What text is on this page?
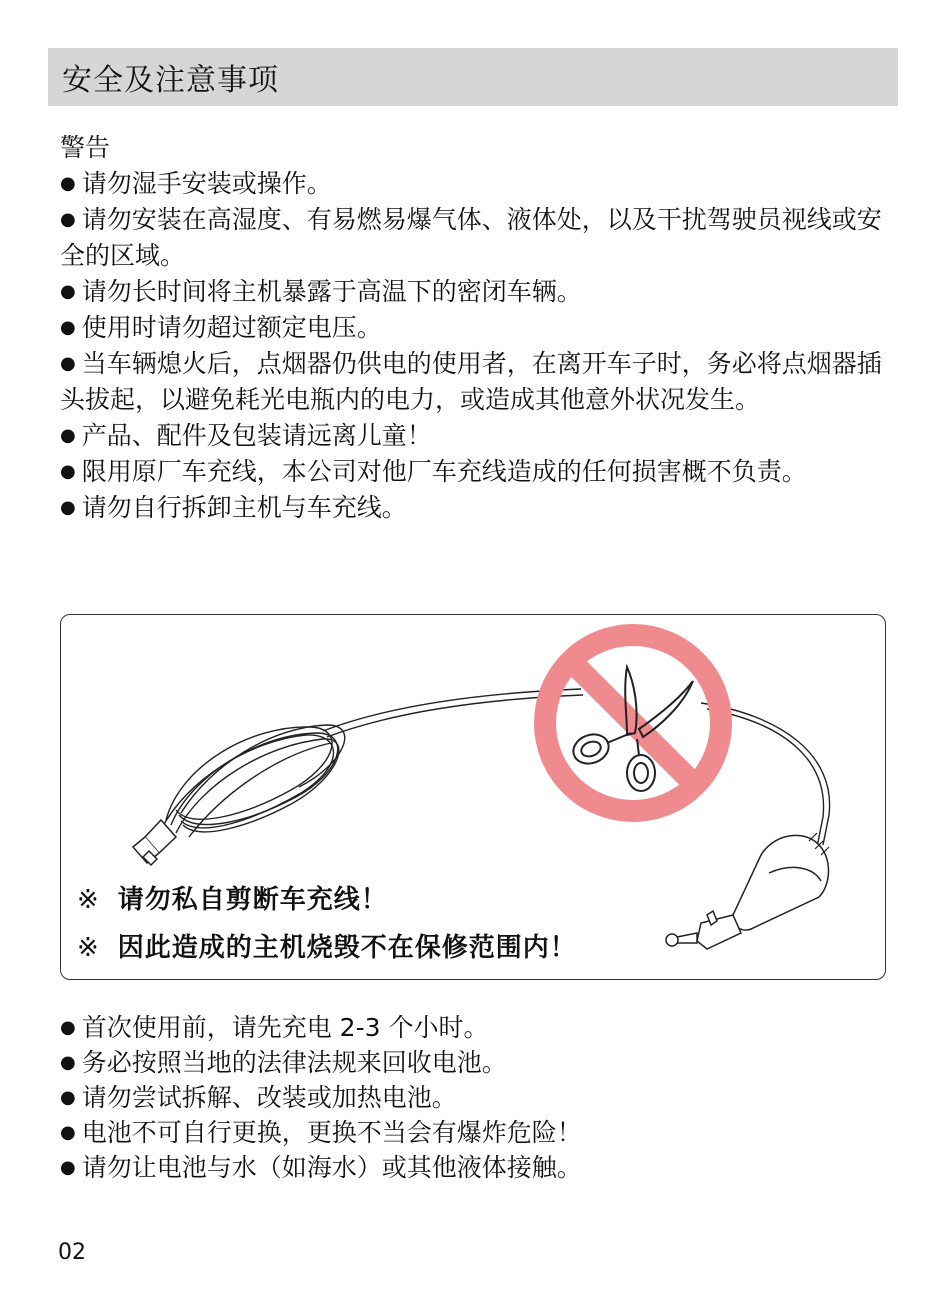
安全及注意事项
警告
● 请勿湿手安装或操作。
● 请勿安装在高湿度、有易燃易爆气体、液体处，以及干扰驾驶员视线或安全的区域。
● 请勿长时间将主机暴露于高温下的密闭车辆。
● 使用时请勿超过额定电压。
● 当车辆熄火后，点烟器仍供电的使用者，在离开车子时，务必将点烟器插头拔起，以避免耗光电瓶内的电力，或造成其他意外状况发生。
● 产品、配件及包装请远离儿童！
● 限用原厂车充线，本公司对他厂车充线造成的任何损害概不负责。
● 请勿自行拆卸主机与车充线。
※ 请勿私自剪断车充线！
※ 因此造成的主机烧毁不在保修范围内！
● 首次使用前，请先充电 2-3 个小时。
● 务必按照当地的法律法规来回收电池。
● 请勿尝试拆解、改装或加热电池。
● 电池不可自行更换，更换不当会有爆炸危险！
● 请勿让电池与水（如海水）或其他液体接触。
02
